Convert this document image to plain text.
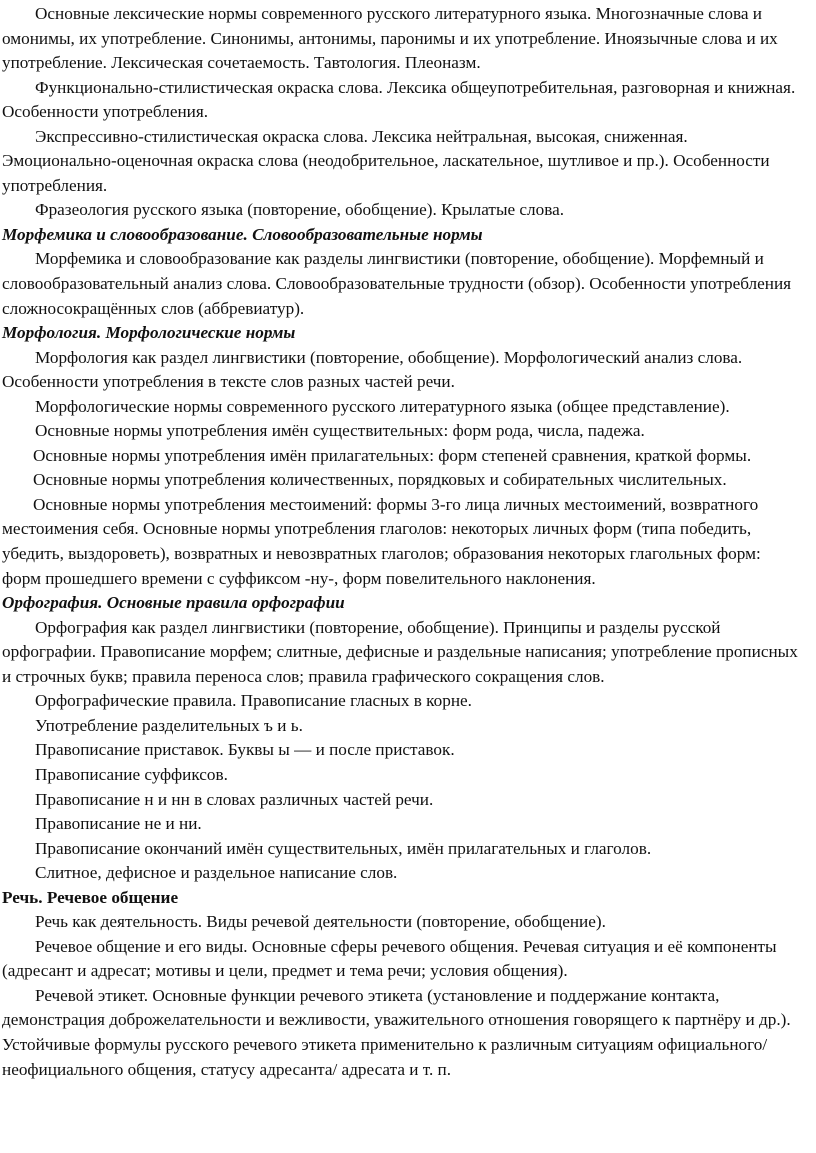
Основные лексические нормы современного русского литературного языка. Многозначные слова и омонимы, их употребление. Синонимы, антонимы, паронимы и их употребление. Иноязычные слова и их употребление. Лексическая сочетаемость. Тавтология. Плеоназм.

Функционально-стилистическая окраска слова. Лексика общеупотребительная, разговорная и книжная. Особенности употребления.

Экспрессивно-стилистическая окраска слова. Лексика нейтральная, высокая, сниженная. Эмоционально-оценочная окраска слова (неодобрительное, ласкательное, шутливое и пр.). Особенности употребления.

Фразеология русского языка (повторение, обобщение). Крылатые слова.

Морфемика и словообразование. Словообразовательные нормы

Морфемика и словообразование как разделы лингвистики (повторение, обобщение). Морфемный и словообразовательный анализ слова. Словообразовательные трудности (обзор). Особенности употребления сложносокращённых слов (аббревиатур).

Морфология. Морфологические нормы

Морфология как раздел лингвистики (повторение, обобщение). Морфологический анализ слова. Особенности употребления в тексте слов разных частей речи.

Морфологические нормы современного русского литературного языка (общее представление).

Основные нормы употребления имён существительных: форм рода, числа, падежа.

Основные нормы употребления имён прилагательных: форм степеней сравнения, краткой формы.

Основные нормы употребления количественных, порядковых и собирательных числительных.

Основные нормы употребления местоимений: формы 3-го лица личных местоимений, возвратного местоимения себя. Основные нормы употребления глаголов: некоторых личных форм (типа победить, убедить, выздороветь), возвратных и невозвратных глаголов; образования некоторых глагольных форм: форм прошедшего времени с суффиксом -ну-, форм повелительного наклонения.

Орфография. Основные правила орфографии

Орфография как раздел лингвистики (повторение, обобщение). Принципы и разделы русской орфографии. Правописание морфем; слитные, дефисные и раздельные написания; употребление прописных и строчных букв; правила переноса слов; правила графического сокращения слов.

Орфографические правила. Правописание гласных в корне.

Употребление разделительных ъ и ь.

Правописание приставок. Буквы ы — и после приставок.

Правописание суффиксов.

Правописание н и нн в словах различных частей речи.

Правописание не и ни.

Правописание окончаний имён существительных, имён прилагательных и глаголов.

Слитное, дефисное и раздельное написание слов.

Речь. Речевое общение

Речь как деятельность. Виды речевой деятельности (повторение, обобщение).

Речевое общение и его виды. Основные сферы речевого общения. Речевая ситуация и её компоненты (адресант и адресат; мотивы и цели, предмет и тема речи; условия общения).

Речевой этикет. Основные функции речевого этикета (установление и поддержание контакта, демонстрация доброжелательности и вежливости, уважительного отношения говорящего к партнёру и др.). Устойчивые формулы русского речевого этикета применительно к различным ситуациям официального/неофициального общения, статусу адресанта/ адресата и т. п.
